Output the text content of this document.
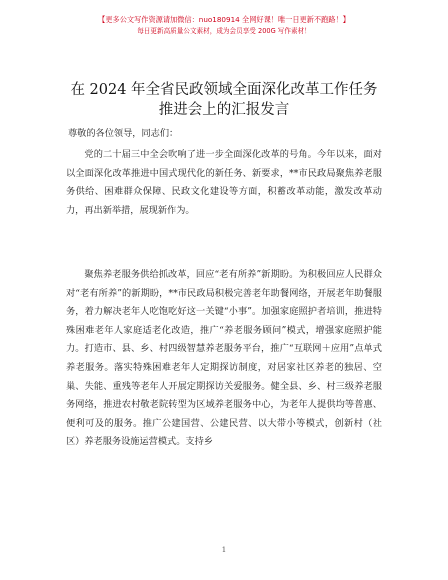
【更多公文写作资源请加微信：nuo180914 全网好课！唯一日更新不跑路！】
每日更新高质量公文素材，成为会员享受 200G 写作素材！
在 2024 年全省民政领域全面深化改革工作任务
推进会上的汇报发言
尊敬的各位领导，同志们：

党的二十届三中全会吹响了进一步全面深化改革的号角。今年以来，面对以全面深化改革推进中国式现代化的新任务、新要求，**市民政局聚焦养老服务供给、困难群众保障、民政文化建设等方面，积蓄改革动能，激发改革动力，再出新举措，展现新作为。

聚焦养老服务供给抓改革，回应“老有所养”新期盼。为积极回应人民群众对“老有所养”的新期盼，**市民政局积极完善老年助餐网络，开展老年助餐服务，着力解决老年人吃饱吃好这一关键“小事”。加强家庭照护者培训，推进特殊困难老年人家庭适老化改造，推广“养老服务顾问”模式，增强家庭照护能力。打造市、县、乡、村四级智慧养老服务平台，推广“互联网＋应用”点单式养老服务。落实特殊困难老年人定期探访制度，对居家社区养老的独居、空巢、失能、重残等老年人开展定期探访关爱服务。健全县、乡、村三级养老服务网络，推进农村敬老院转型为区域养老服务中心，为老年人提供均等普惠、便利可及的服务。推广公建国营、公建民营、以大带小等模式，创新村（社区）养老服务设施运营模式。支持乡

1
